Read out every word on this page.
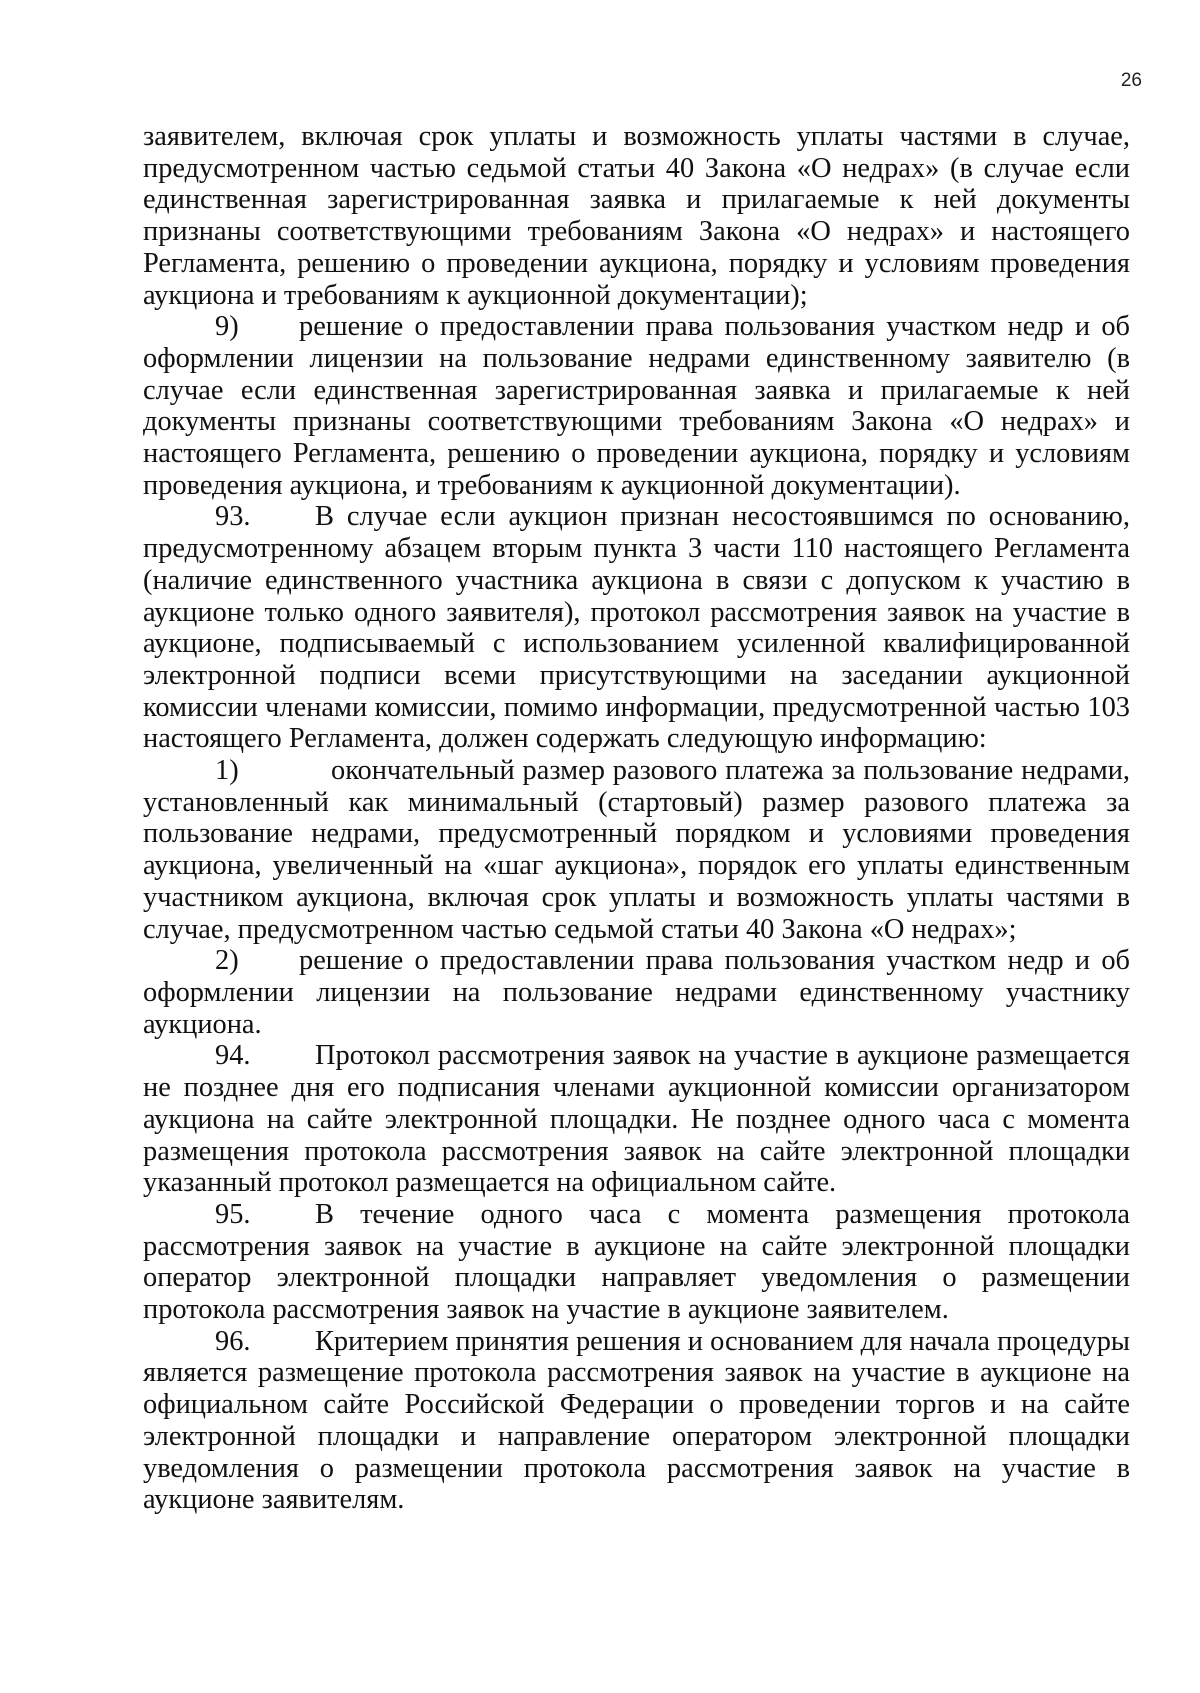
26

заявителем, включая срок уплаты и возможность уплаты частями в случае, предусмотренном частью седьмой статьи 40 Закона «О недрах» (в случае если единственная зарегистрированная заявка и прилагаемые к ней документы признаны соответствующими требованиям Закона «О недрах» и настоящего Регламента, решению о проведении аукциона, порядку и условиям проведения аукциона и требованиям к аукционной документации);

9) решение о предоставлении права пользования участком недр и об оформлении лицензии на пользование недрами единственному заявителю (в случае если единственная зарегистрированная заявка и прилагаемые к ней документы признаны соответствующими требованиям Закона «О недрах» и настоящего Регламента, решению о проведении аукциона, порядку и условиям проведения аукциона, и требованиям к аукционной документации).

93. В случае если аукцион признан несостоявшимся по основанию, предусмотренному абзацем вторым пункта 3 части 110 настоящего Регламента (наличие единственного участника аукциона в связи с допуском к участию в аукционе только одного заявителя), протокол рассмотрения заявок на участие в аукционе, подписываемый с использованием усиленной квалифицированной электронной подписи всеми присутствующими на заседании аукционной комиссии членами комиссии, помимо информации, предусмотренной частью 103 настоящего Регламента, должен содержать следующую информацию:

1)	окончательный размер разового платежа за пользование недрами, установленный как минимальный (стартовый) размер разового платежа за пользование недрами, предусмотренный порядком и условиями проведения аукциона, увеличенный на «шаг аукциона», порядок его уплаты единственным участником аукциона, включая срок уплаты и возможность уплаты частями в случае, предусмотренном частью седьмой статьи 40 Закона «О недрах»;

2) решение о предоставлении права пользования участком недр и об оформлении лицензии на пользование недрами единственному участнику аукциона.

94. Протокол рассмотрения заявок на участие в аукционе размещается не позднее дня его подписания членами аукционной комиссии организатором аукциона на сайте электронной площадки. Не позднее одного часа с момента размещения протокола рассмотрения заявок на сайте электронной площадки указанный протокол размещается на официальном сайте.

95. В течение одного часа с момента размещения протокола рассмотрения заявок на участие в аукционе на сайте электронной площадки оператор электронной площадки направляет уведомления о размещении протокола рассмотрения заявок на участие в аукционе заявителем.

96. Критерием принятия решения и основанием для начала процедуры является размещение протокола рассмотрения заявок на участие в аукционе на официальном сайте Российской Федерации о проведении торгов и на сайте электронной площадки и направление оператором электронной площадки уведомления о размещении протокола рассмотрения заявок на участие в аукционе заявителям.
